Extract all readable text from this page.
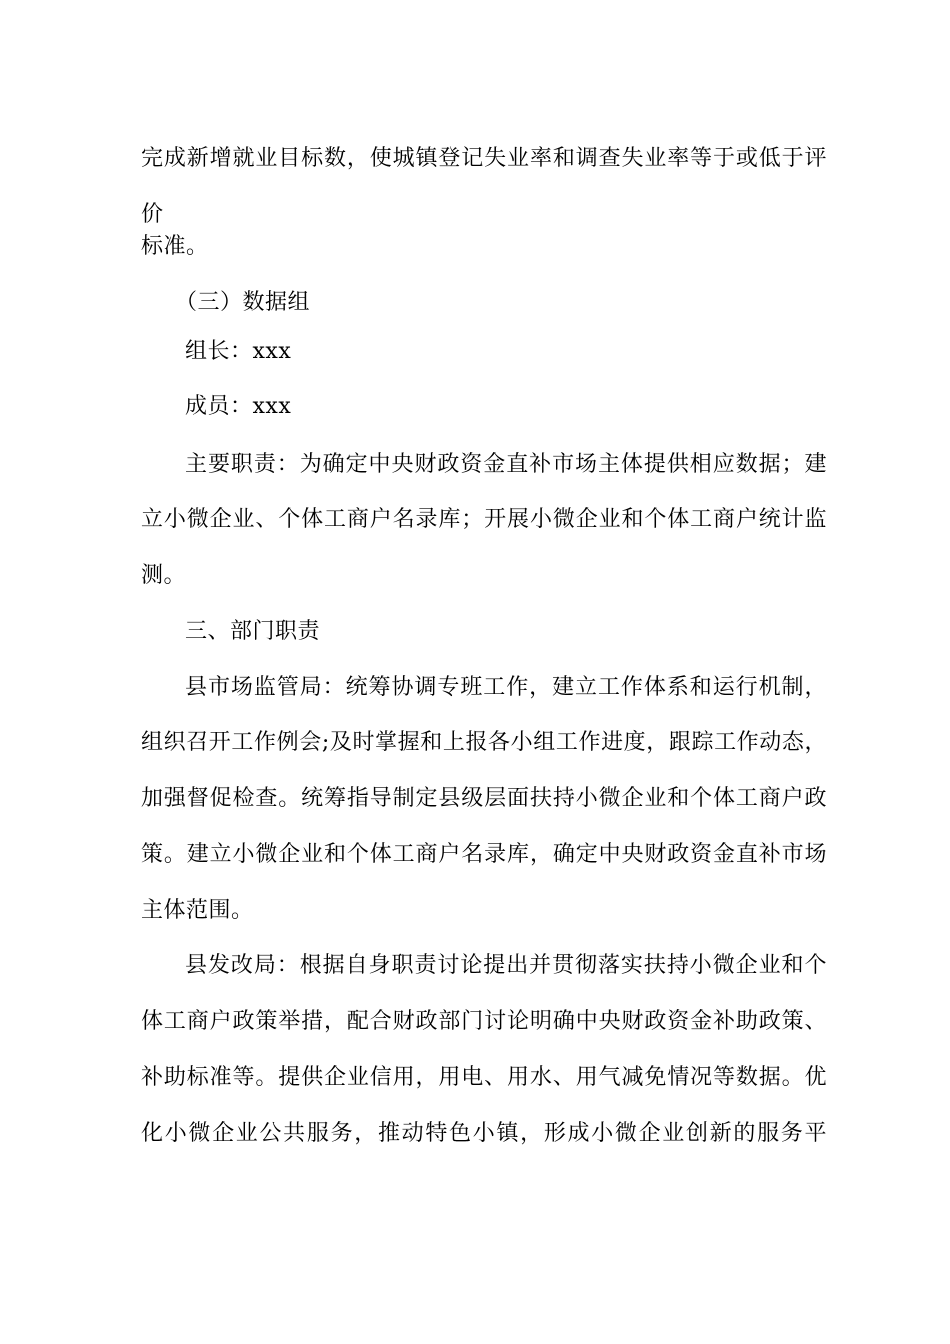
完成新增就业目标数，使城镇登记失业率和调查失业率等于或低于评
价
标准。
（三）数据组
组长：xxx
成员：xxx
主要职责：为确定中央财政资金直补市场主体提供相应数据；建
立小微企业、个体工商户名录库；开展小微企业和个体工商户统计监
测。
三、部门职责
县市场监管局：统筹协调专班工作，建立工作体系和运行机制，
组织召开工作例会;及时掌握和上报各小组工作进度，跟踪工作动态，
加强督促检查。统筹指导制定县级层面扶持小微企业和个体工商户政
策。建立小微企业和个体工商户名录库，确定中央财政资金直补市场
主体范围。
县发改局：根据自身职责讨论提出并贯彻落实扶持小微企业和个
体工商户政策举措，配合财政部门讨论明确中央财政资金补助政策、
补助标准等。提供企业信用，用电、用水、用气减免情况等数据。优
化小微企业公共服务，推动特色小镇，形成小微企业创新的服务平
